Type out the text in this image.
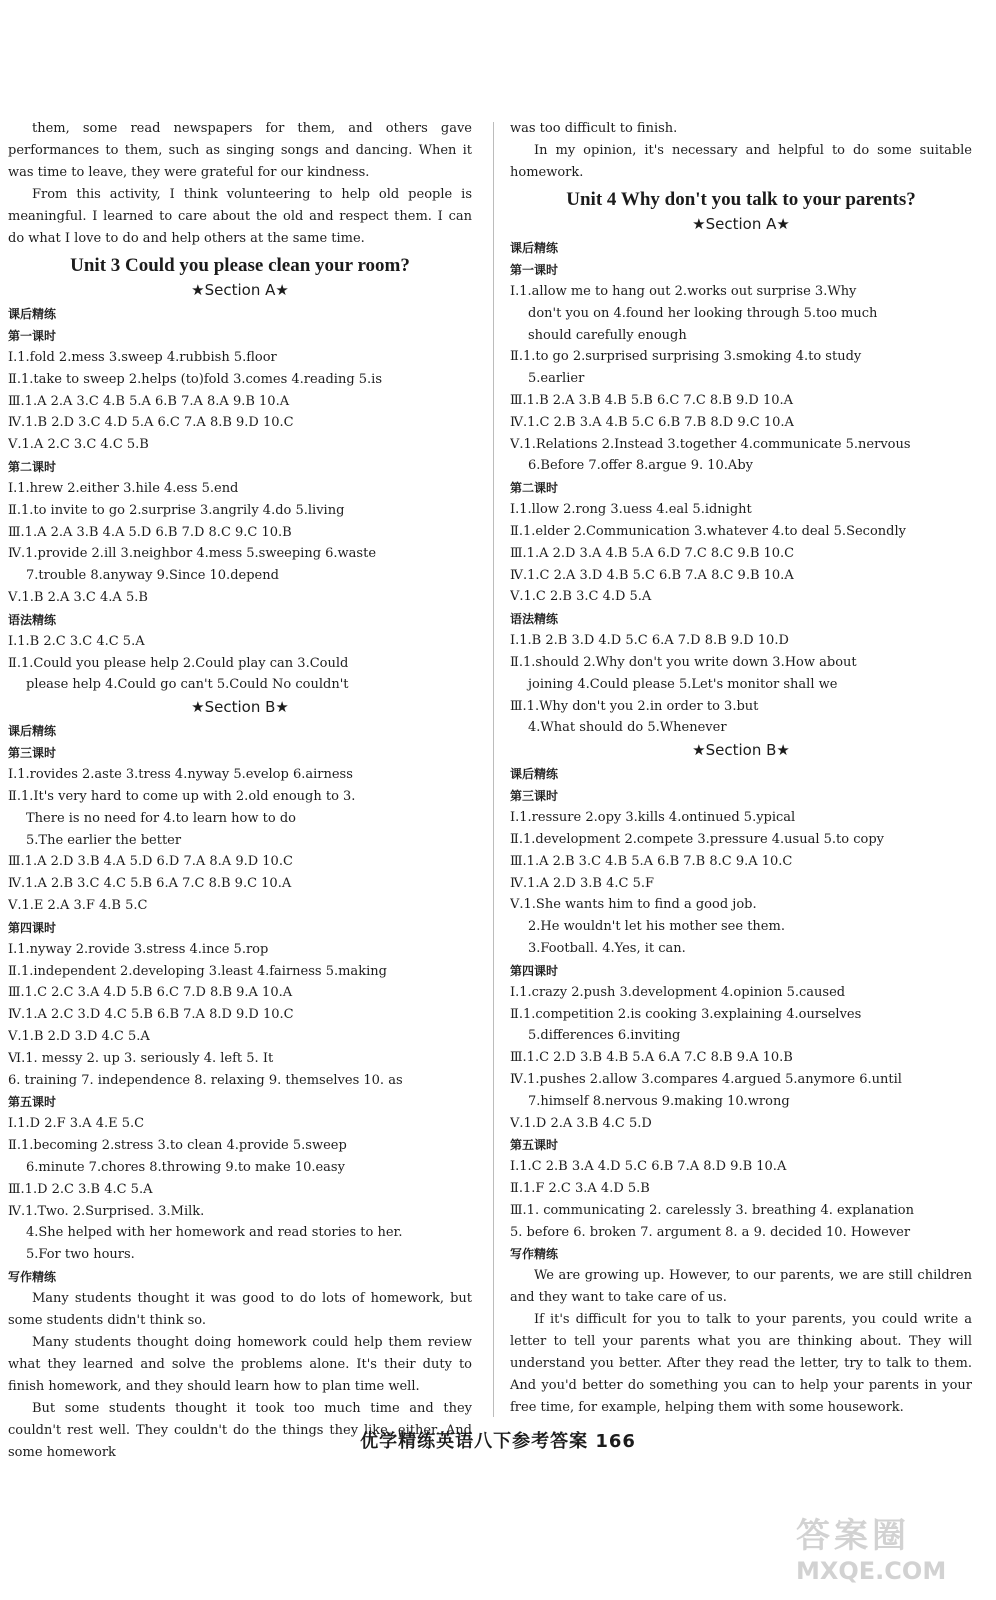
them, some read newspapers for them, and others gave performances to them, such as singing songs and dancing. When it was time to leave, they were grateful for our kindness.

From this activity, I think volunteering to help old people is meaningful. I learned to care about the old and respect them. I can do what I love to do and help others at the same time.

Unit 3 Could you please clean your room?
★Section A★
课后精练
第一课时
Ⅰ.1.fold 2.mess 3.sweep 4.rubbish 5.floor
Ⅱ.1.take to sweep 2.helps (to)fold 3.comes 4.reading 5.is
Ⅲ.1.A 2.A 3.C 4.B 5.A 6.B 7.A 8.A 9.B 10.A
Ⅳ.1.B 2.D 3.C 4.D 5.A 6.C 7.A 8.B 9.D 10.C
Ⅴ.1.A 2.C 3.C 4.C 5.B
第二课时
Ⅰ.1.hrew 2.either 3.hile 4.ess 5.end
Ⅱ.1.to invite to go 2.surprise 3.angrily 4.do 5.living
Ⅲ.1.A 2.A 3.B 4.A 5.D 6.B 7.D 8.C 9.C 10.B
Ⅳ.1.provide 2.ill 3.neighbor 4.mess 5.sweeping 6.waste
7.trouble 8.anyway 9.Since 10.depend
Ⅴ.1.B 2.A 3.C 4.A 5.B
语法精练
Ⅰ.1.B 2.C 3.C 4.C 5.A
Ⅱ.1.Could you please help 2.Could play can 3.Could
please help 4.Could go can't 5.Could No couldn't
★Section B★
课后精练
第三课时
Ⅰ.1.rovides 2.aste 3.tress 4.nyway 5.evelop 6.airness
Ⅱ.1.It's very hard to come up with 2.old enough to 3.
There is no need for 4.to learn how to do
5.The earlier the better
Ⅲ.1.A 2.D 3.B 4.A 5.D 6.D 7.A 8.A 9.D 10.C
Ⅳ.1.A 2.B 3.C 4.C 5.B 6.A 7.C 8.B 9.C 10.A
Ⅴ.1.E 2.A 3.F 4.B 5.C
第四课时
Ⅰ.1.nyway 2.rovide 3.stress 4.ince 5.rop
Ⅱ.1.independent 2.developing 3.least 4.fairness 5.making
Ⅲ.1.C 2.C 3.A 4.D 5.B 6.C 7.D 8.B 9.A 10.A
Ⅳ.1.A 2.C 3.D 4.C 5.B 6.B 7.A 8.D 9.D 10.C
Ⅴ.1.B 2.D 3.D 4.C 5.A
Ⅵ.1. messy 2. up 3. seriously 4. left 5. It
6. training 7. independence 8. relaxing 9. themselves 10. as
第五课时
Ⅰ.1.D 2.F 3.A 4.E 5.C
Ⅱ.1.becoming 2.stress 3.to clean 4.provide 5.sweep
6.minute 7.chores 8.throwing 9.to make 10.easy
Ⅲ.1.D 2.C 3.B 4.C 5.A
Ⅳ.1.Two. 2.Surprised. 3.Milk.
4.She helped with her homework and read stories to her.
5.For two hours.
写作精练

Many students thought it was good to do lots of homework, but some students didn't think so.

Many students thought doing homework could help them review what they learned and solve the problems alone. It's their duty to finish homework, and they should learn how to plan time well.

But some students thought it took too much time and they couldn't rest well. They couldn't do the things they like, either. And some homework

was too difficult to finish.

In my opinion, it's necessary and helpful to do some suitable homework.

Unit 4 Why don't you talk to your parents?
★Section A★
课后精练
第一课时
Ⅰ.1.allow me to hang out 2.works out surprise 3.Why
don't you on 4.found her looking through 5.too much
should carefully enough
Ⅱ.1.to go 2.surprised surprising 3.smoking 4.to study
5.earlier
Ⅲ.1.B 2.A 3.B 4.B 5.B 6.C 7.C 8.B 9.D 10.A
Ⅳ.1.C 2.B 3.A 4.B 5.C 6.B 7.B 8.D 9.C 10.A
Ⅴ.1.Relations 2.Instead 3.together 4.communicate 5.nervous
6.Before 7.offer 8.argue 9. 10.Aby
第二课时
Ⅰ.1.llow 2.rong 3.uess 4.eal 5.idnight
Ⅱ.1.elder 2.Communication 3.whatever 4.to deal 5.Secondly
Ⅲ.1.A 2.D 3.A 4.B 5.A 6.D 7.C 8.C 9.B 10.C
Ⅳ.1.C 2.A 3.D 4.B 5.C 6.B 7.A 8.C 9.B 10.A
Ⅴ.1.C 2.B 3.C 4.D 5.A
语法精练
Ⅰ.1.B 2.B 3.D 4.D 5.C 6.A 7.D 8.B 9.D 10.D
Ⅱ.1.should 2.Why don't you write down 3.How about
joining 4.Could please 5.Let's monitor shall we
Ⅲ.1.Why don't you 2.in order to 3.but
4.What should do 5.Whenever
★Section B★
课后精练
第三课时
Ⅰ.1.ressure 2.opy 3.kills 4.ontinued 5.ypical
Ⅱ.1.development 2.compete 3.pressure 4.usual 5.to copy
Ⅲ.1.A 2.B 3.C 4.B 5.A 6.B 7.B 8.C 9.A 10.C
Ⅳ.1.A 2.D 3.B 4.C 5.F
Ⅴ.1.She wants him to find a good job.
2.He wouldn't let his mother see them.
3.Football. 4.Yes, it can.
第四课时
Ⅰ.1.crazy 2.push 3.development 4.opinion 5.caused
Ⅱ.1.competition 2.is cooking 3.explaining 4.ourselves
5.differences 6.inviting
Ⅲ.1.C 2.D 3.B 4.B 5.A 6.A 7.C 8.B 9.A 10.B
Ⅳ.1.pushes 2.allow 3.compares 4.argued 5.anymore 6.until
7.himself 8.nervous 9.making 10.wrong
Ⅴ.1.D 2.A 3.B 4.C 5.D
第五课时
Ⅰ.1.C 2.B 3.A 4.D 5.C 6.B 7.A 8.D 9.B 10.A
Ⅱ.1.F 2.C 3.A 4.D 5.B
Ⅲ.1. communicating 2. carelessly 3. breathing 4. explanation
5. before 6. broken 7. argument 8. a 9. decided 10. However
写作精练

We are growing up. However, to our parents, we are still children and they want to take care of us.

If it's difficult for you to talk to your parents, you could write a letter to tell your parents what you are thinking about. They will understand you better. After they read the letter, try to talk to them. And you'd better do something you can to help your parents in your free time, for example, helping them with some housework.

优学精练英语八下参考答案 166
答案圈
MXQE.COM
